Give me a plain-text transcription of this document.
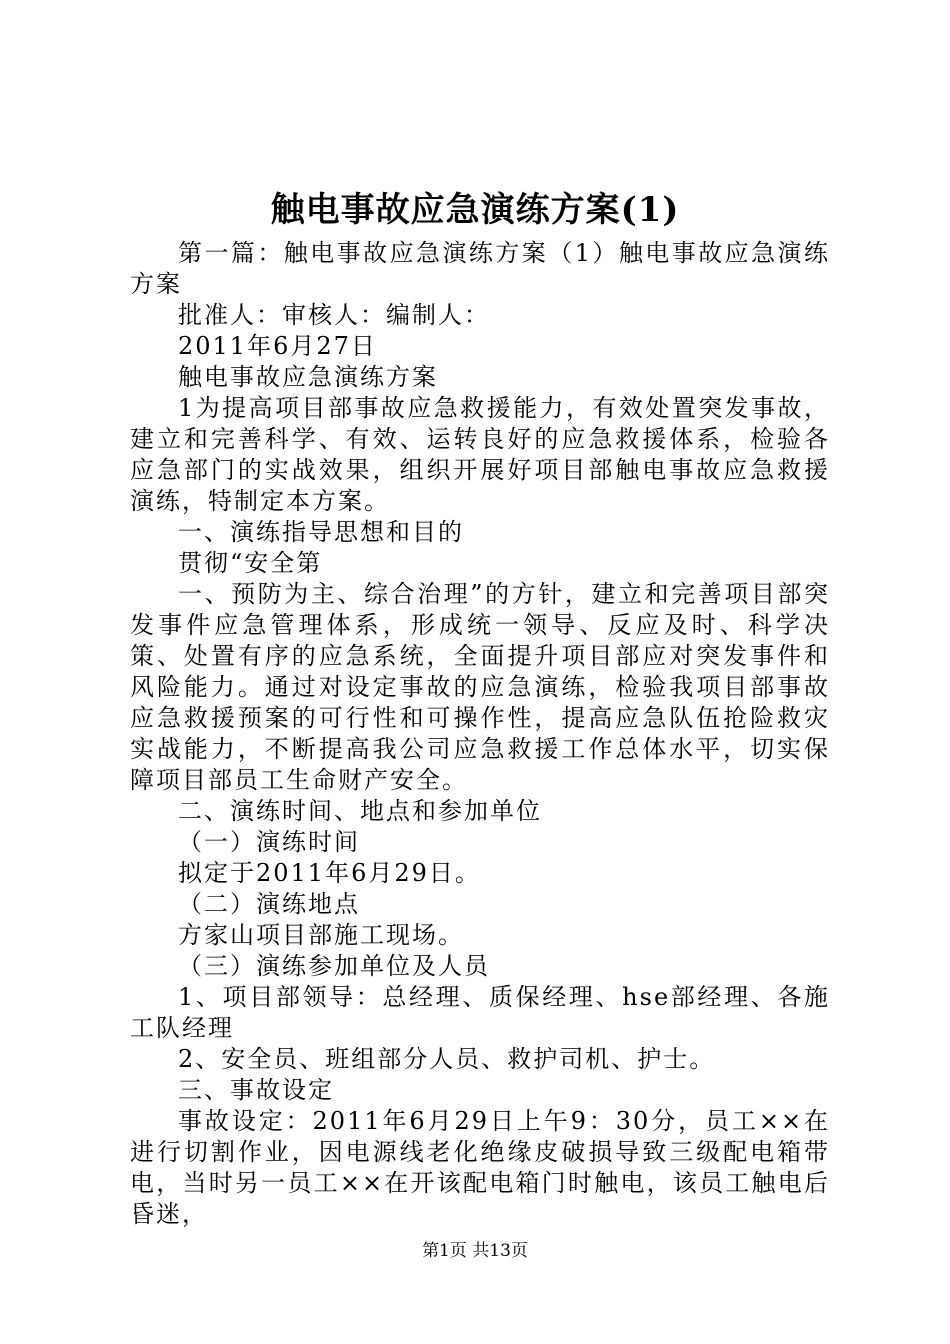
触电事故应急演练方案(1)

第一篇：触电事故应急演练方案（1）触电事故应急演练方案

批准人：审核人：编制人：

2011年6月27日

触电事故应急演练方案

1为提高项目部事故应急救援能力，有效处置突发事故，建立和完善科学、有效、运转良好的应急救援体系，检验各应急部门的实战效果，组织开展好项目部触电事故应急救援演练，特制定本方案。

一、演练指导思想和目的

贯彻“安全第

一、预防为主、综合治理”的方针，建立和完善项目部突发事件应急管理体系，形成统一领导、反应及时、科学决策、处置有序的应急系统，全面提升项目部应对突发事件和风险能力。通过对设定事故的应急演练，检验我项目部事故应急救援预案的可行性和可操作性，提高应急队伍抢险救灾实战能力，不断提高我公司应急救援工作总体水平，切实保障项目部员工生命财产安全。

二、演练时间、地点和参加单位

（一）演练时间

拟定于2011年6月29日。

（二）演练地点

方家山项目部施工现场。

（三）演练参加单位及人员

1、项目部领导：总经理、质保经理、hse部经理、各施工队经理

2、安全员、班组部分人员、救护司机、护士。

三、事故设定

事故设定：2011年6月29日上午9：30分，员工××在进行切割作业，因电源线老化绝缘皮破损导致三级配电箱带电，当时另一员工××在开该配电箱门时触电，该员工触电后昏迷，

第1页 共13页
